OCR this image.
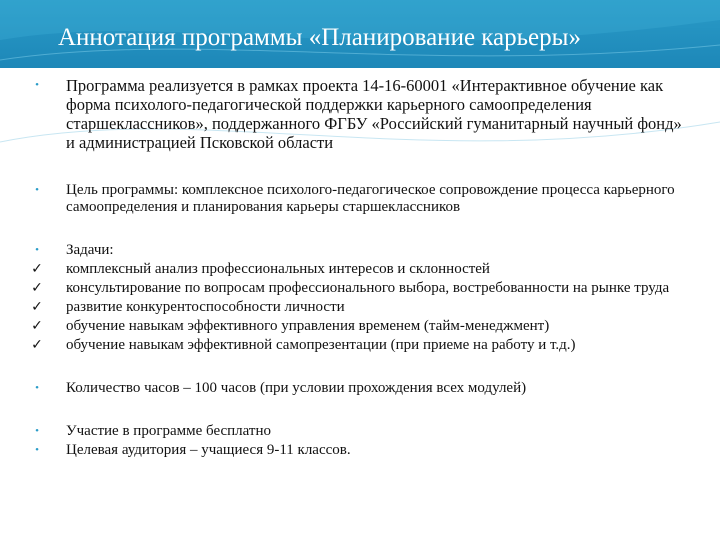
Аннотация программы «Планирование карьеры»
•	Программа реализуется в рамках проекта 14-16-60001 «Интерактивное обучение как форма психолого-педагогической поддержки карьерного самоопределения старшеклассников», поддержанного ФГБУ «Российский гуманитарный научный фонд» и администрацией Псковской области
•	Цель программы: комплексное психолого-педагогическое сопровождение процесса карьерного самоопределения и планирования карьеры старшеклассников
•	Задачи:
✓ комплексный анализ профессиональных интересов и склонностей
✓ консультирование по вопросам профессионального выбора, востребованности на рынке труда
✓ развитие конкурентоспособности личности
✓ обучение навыкам эффективного управления временем (тайм-менеджмент)
✓ обучение навыкам эффективной самопрезентации (при приеме на работу и т.д.)
•	Количество часов – 100 часов (при условии прохождения всех модулей)
•	Участие в программе бесплатно
•	Целевая аудитория – учащиеся 9-11 классов.
